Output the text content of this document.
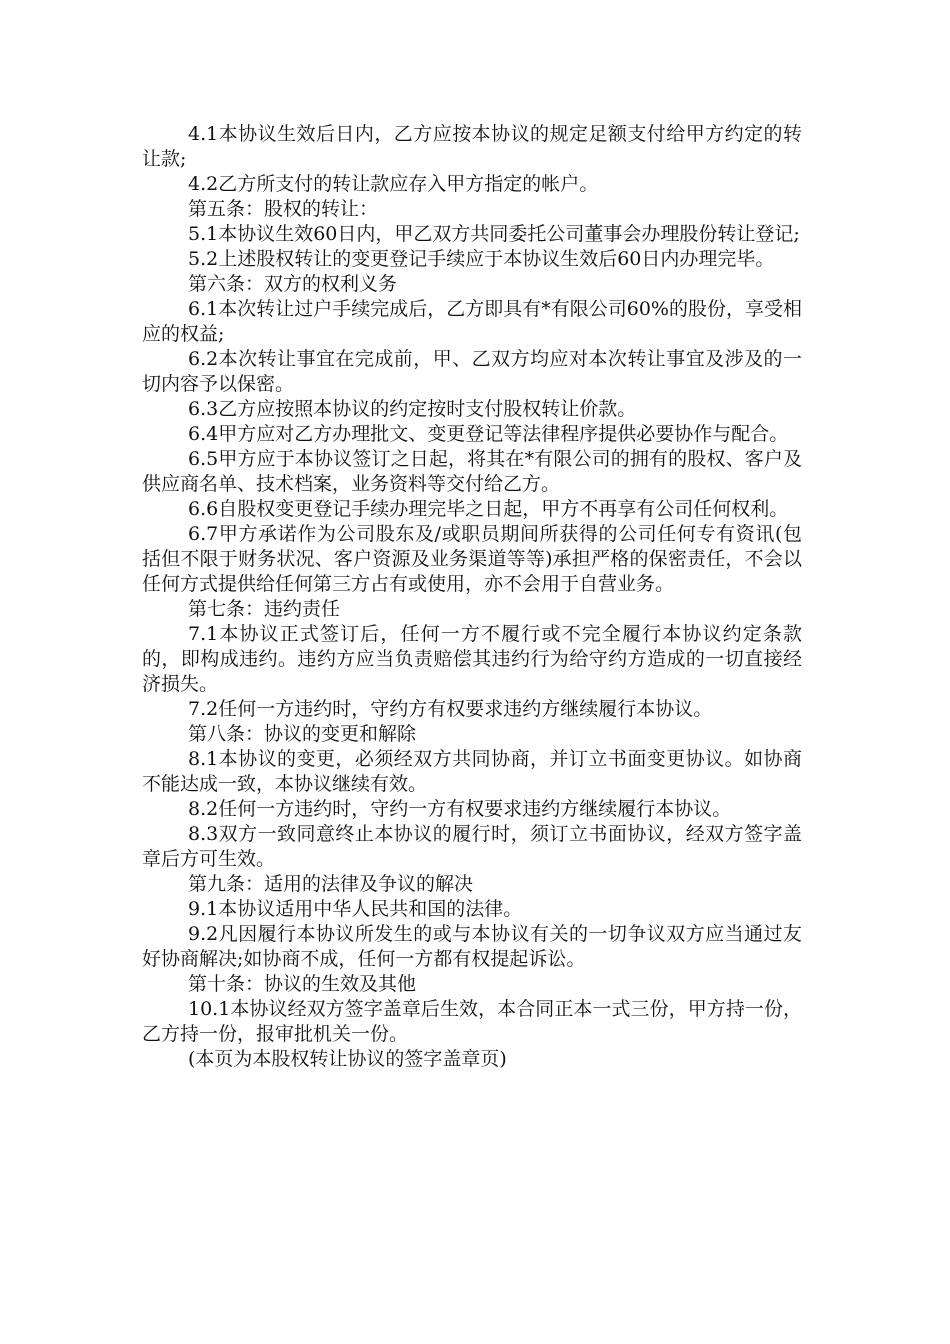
4.1本协议生效后日内，乙方应按本协议的规定足额支付给甲方约定的转让款;

4.2乙方所支付的转让款应存入甲方指定的帐户。

第五条：股权的转让：

5.1本协议生效60日内，甲乙双方共同委托公司董事会办理股份转让登记;

5.2上述股权转让的变更登记手续应于本协议生效后60日内办理完毕。

第六条：双方的权利义务

6.1本次转让过户手续完成后，乙方即具有*有限公司60%的股份，享受相应的权益;

6.2本次转让事宜在完成前，甲、乙双方均应对本次转让事宜及涉及的一切内容予以保密。

6.3乙方应按照本协议的约定按时支付股权转让价款。

6.4甲方应对乙方办理批文、变更登记等法律程序提供必要协作与配合。

6.5甲方应于本协议签订之日起，将其在*有限公司的拥有的股权、客户及供应商名单、技术档案，业务资料等交付给乙方。

6.6自股权变更登记手续办理完毕之日起，甲方不再享有公司任何权利。

6.7甲方承诺作为公司股东及/或职员期间所获得的公司任何专有资讯(包括但不限于财务状况、客户资源及业务渠道等等)承担严格的保密责任，不会以任何方式提供给任何第三方占有或使用，亦不会用于自营业务。

第七条：违约责任

7.1本协议正式签订后，任何一方不履行或不完全履行本协议约定条款的，即构成违约。违约方应当负责赔偿其违约行为给守约方造成的一切直接经济损失。

7.2任何一方违约时，守约方有权要求违约方继续履行本协议。

第八条：协议的变更和解除

8.1本协议的变更，必须经双方共同协商，并订立书面变更协议。如协商不能达成一致，本协议继续有效。

8.2任何一方违约时，守约一方有权要求违约方继续履行本协议。

8.3双方一致同意终止本协议的履行时，须订立书面协议，经双方签字盖章后方可生效。

第九条：适用的法律及争议的解决

9.1本协议适用中华人民共和国的法律。

9.2凡因履行本协议所发生的或与本协议有关的一切争议双方应当通过友好协商解决;如协商不成，任何一方都有权提起诉讼。

第十条：协议的生效及其他

10.1本协议经双方签字盖章后生效，本合同正本一式三份，甲方持一份，乙方持一份，报审批机关一份。

(本页为本股权转让协议的签字盖章页)
